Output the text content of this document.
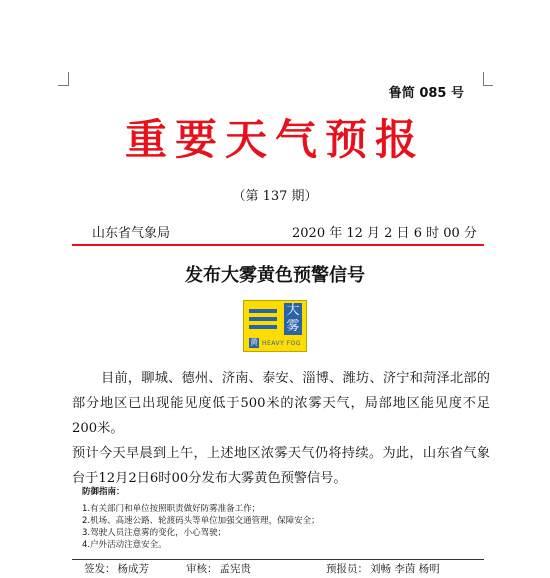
鲁简 085 号
重要天气预报
（第 137 期）
山东省气象局	2020 年 12 月 2 日 6 时 00 分
发布大雾黄色预警信号
大雾
黄 HEAVY FOG

目前，聊城、德州、济南、泰安、淄博、潍坊、济宁和菏泽北部的部分地区已出现能见度低于500米的浓雾天气，局部地区能见度不足200米。

预计今天早晨到上午，上述地区浓雾天气仍将持续。为此，山东省气象台于12月2日6时00分发布大雾黄色预警信号。

防御指南：
1.有关部门和单位按照职责做好防雾准备工作；
2.机场、高速公路、轮渡码头等单位加强交通管理，保障安全；
3.驾驶人员注意雾的变化，小心驾驶；
4.户外活动注意安全。
签发： 杨成芳	审核： 孟宪贵	预报员： 刘畅 李茵 杨明
